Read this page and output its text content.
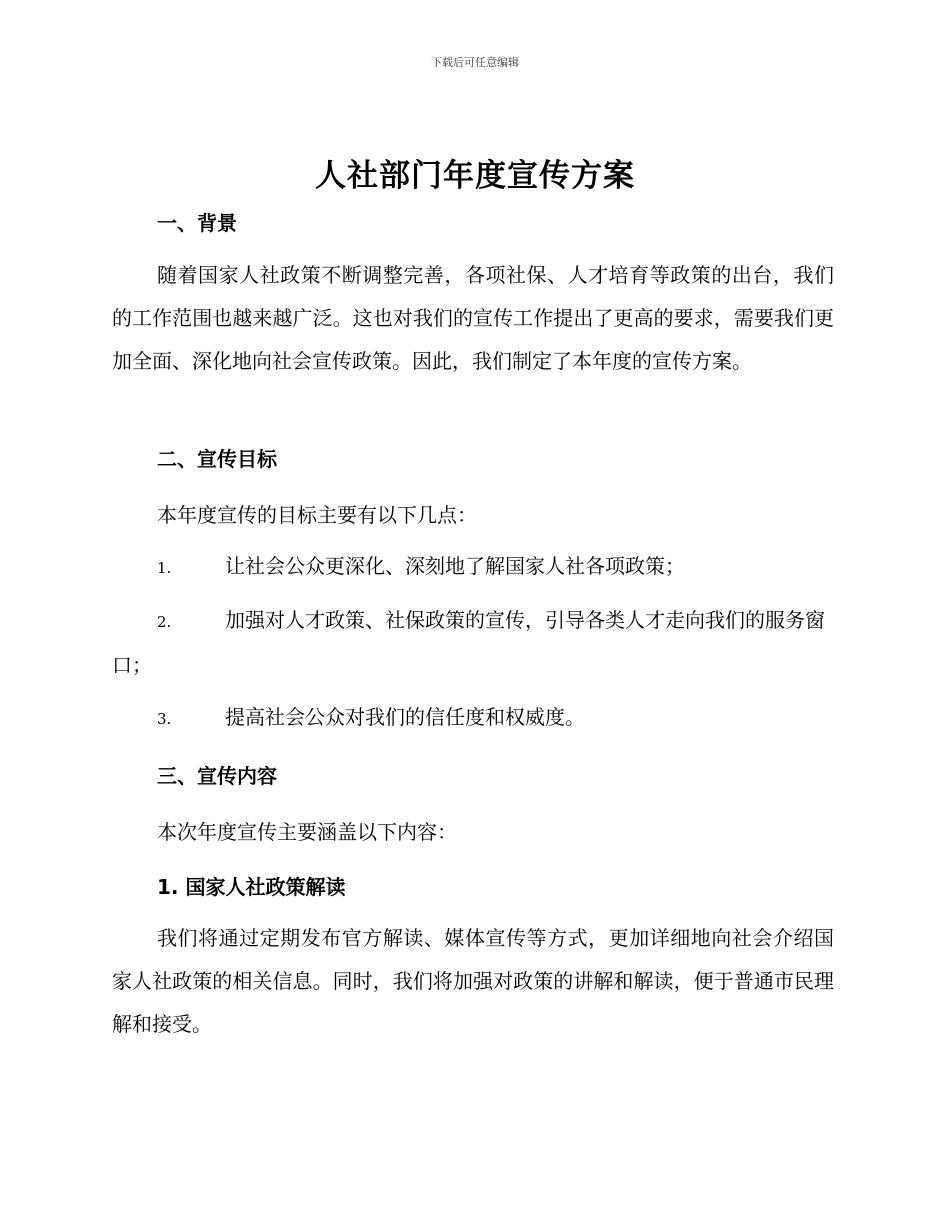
下载后可任意编辑
人社部门年度宣传方案
一、背景
随着国家人社政策不断调整完善，各项社保、人才培育等政策的出台，我们的工作范围也越来越广泛。这也对我们的宣传工作提出了更高的要求，需要我们更加全面、深化地向社会宣传政策。因此，我们制定了本年度的宣传方案。
二、宣传目标
本年度宣传的目标主要有以下几点：
1.	让社会公众更深化、深刻地了解国家人社各项政策；
2.	加强对人才政策、社保政策的宣传，引导各类人才走向我们的服务窗口；
3.	提高社会公众对我们的信任度和权威度。
三、宣传内容
本次年度宣传主要涵盖以下内容：
1. 国家人社政策解读
我们将通过定期发布官方解读、媒体宣传等方式，更加详细地向社会介绍国家人社政策的相关信息。同时，我们将加强对政策的讲解和解读，便于普通市民理解和接受。
